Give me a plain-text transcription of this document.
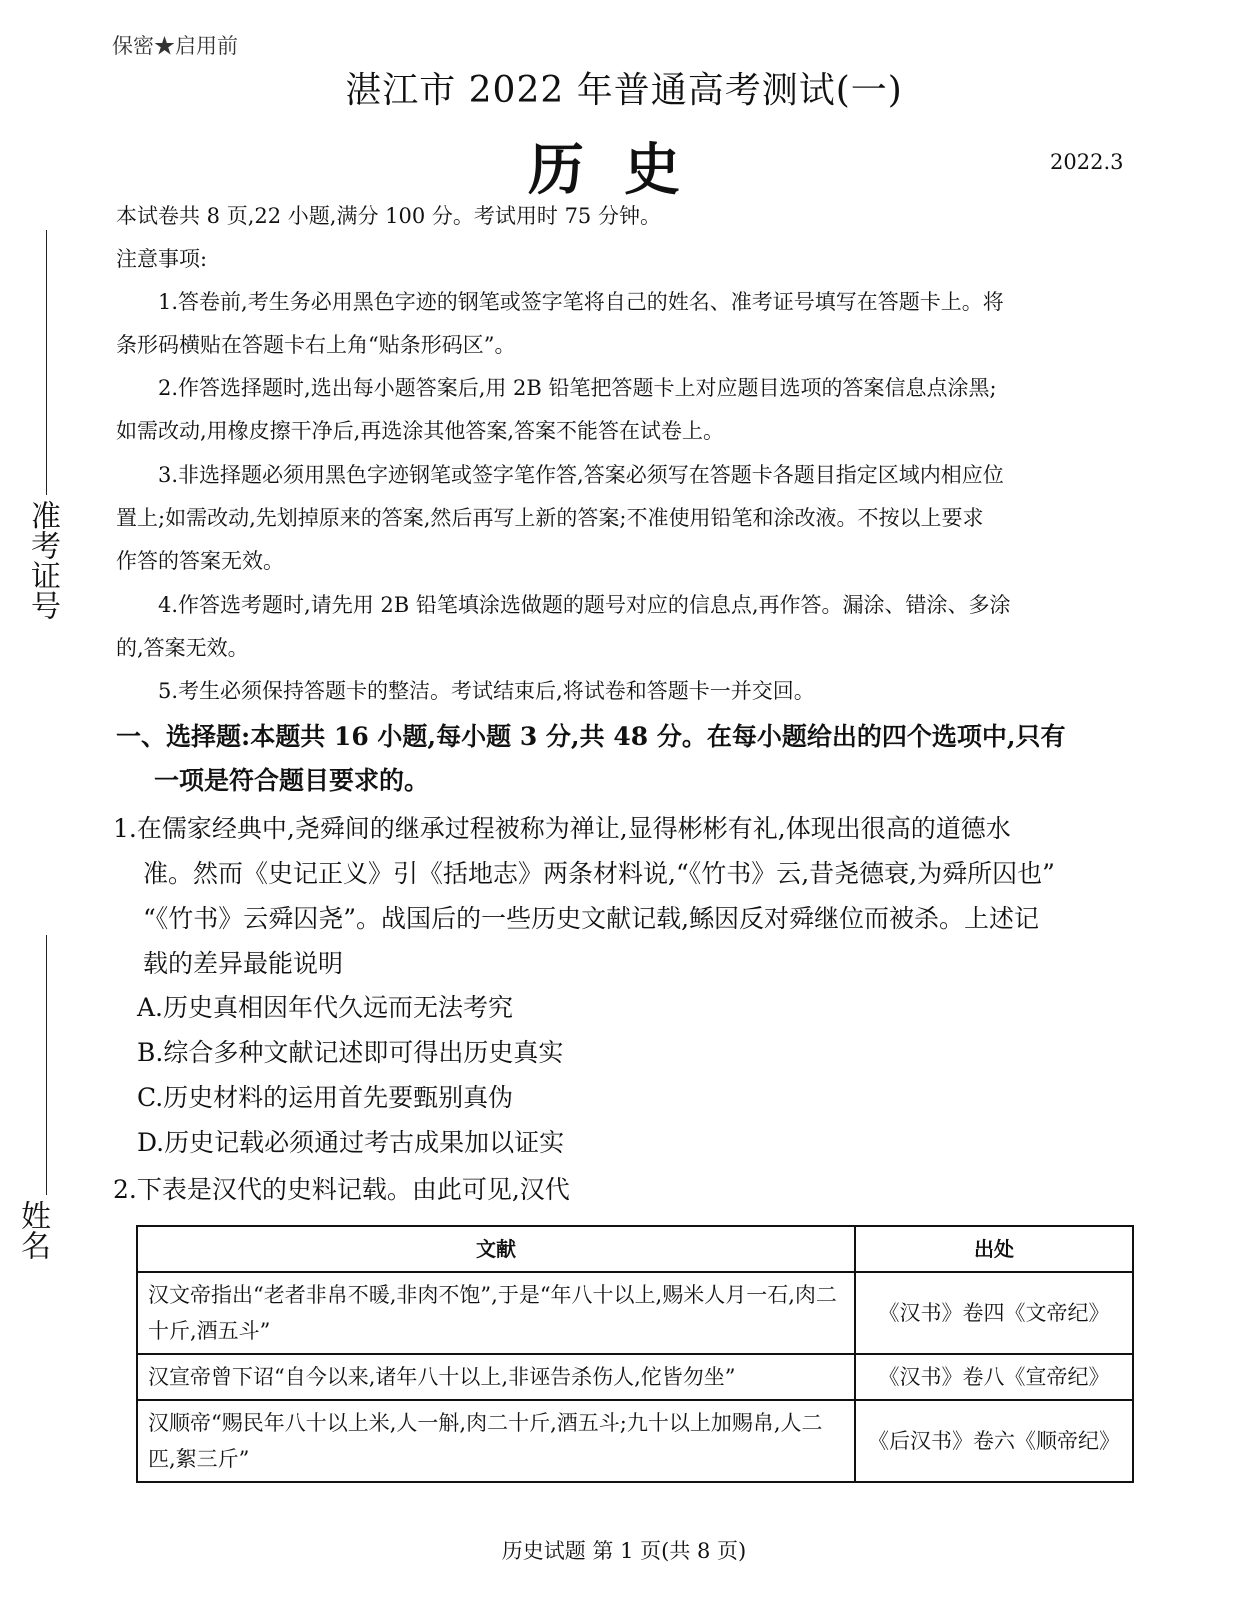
保密★启用前
湛江市 2022 年普通高考测试(一)
历史	2022.3
本试卷共 8 页,22 小题,满分 100 分。考试用时 75 分钟。
注意事项:
1.答卷前,考生务必用黑色字迹的钢笔或签字笔将自己的姓名、准考证号填写在答题卡上。将
条形码横贴在答题卡右上角“贴条形码区”。
2.作答选择题时,选出每小题答案后,用 2B 铅笔把答题卡上对应题目选项的答案信息点涂黑;
如需改动,用橡皮擦干净后,再选涂其他答案,答案不能答在试卷上。
3.非选择题必须用黑色字迹钢笔或签字笔作答,答案必须写在答题卡各题目指定区域内相应位
置上;如需改动,先划掉原来的答案,然后再写上新的答案;不准使用铅笔和涂改液。不按以上要求
作答的答案无效。
4.作答选考题时,请先用 2B 铅笔填涂选做题的题号对应的信息点,再作答。漏涂、错涂、多涂
的,答案无效。
5.考生必须保持答题卡的整洁。考试结束后,将试卷和答题卡一并交回。
一、选择题:本题共 16 小题,每小题 3 分,共 48 分。在每小题给出的四个选项中,只有
一项是符合题目要求的。
1.在儒家经典中,尧舜间的继承过程被称为禅让,显得彬彬有礼,体现出很高的道德水
准。然而《史记正义》引《括地志》两条材料说,“《竹书》云,昔尧德衰,为舜所囚也”
“《竹书》云舜囚尧”。战国后的一些历史文献记载,鲧因反对舜继位而被杀。上述记
载的差异最能说明
A.历史真相因年代久远而无法考究
B.综合多种文献记述即可得出历史真实
C.历史材料的运用首先要甄别真伪
D.历史记载必须通过考古成果加以证实
2.下表是汉代的史料记载。由此可见,汉代
文献	出处
汉文帝指出“老者非帛不暖,非肉不饱”,于是“年八十以上,赐米人月一石,肉二十斤,酒五斗”	《汉书》卷四《文帝纪》
汉宣帝曾下诏“自今以来,诸年八十以上,非诬告杀伤人,佗皆勿坐”	《汉书》卷八《宣帝纪》
汉顺帝“赐民年八十以上米,人一斛,肉二十斤,酒五斗;九十以上加赐帛,人二匹,絮三斤”	《后汉书》卷六《顺帝纪》
准考证号
姓名
历史试题 第 1 页(共 8 页)
